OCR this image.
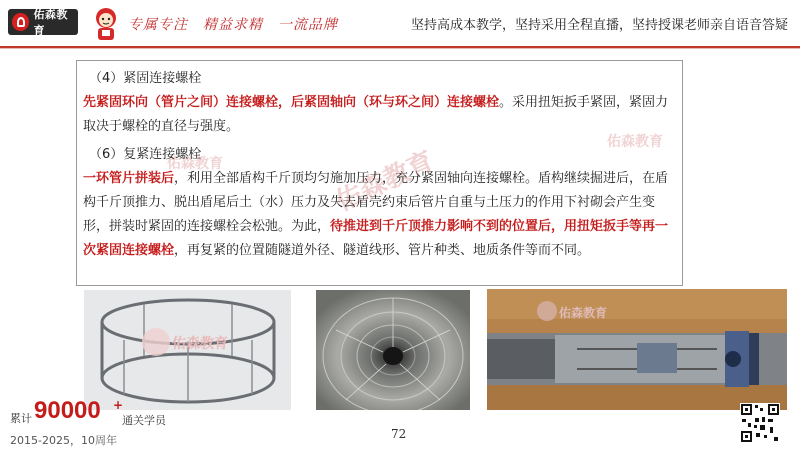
佑森教育	专属专注　精益求精　一流品牌	坚持高成本教学，坚持采用全程直播，坚持授课老师亲自语音答疑
佑森教育	佑森教育
佑森教育

（4）紧固连接螺栓

先紧固环向（管片之间）连接螺栓，后紧固轴向（环与环之间）连接螺栓。采用扭矩扳手紧固，紧固力取决于螺栓的直径与强度。

（6）复紧连接螺栓

一环管片拼装后，利用全部盾构千斤顶均匀施加压力，充分紧固轴向连接螺栓。盾构继续掘进后，在盾构千斤顶推力、脱出盾尾后土（水）压力及失去盾壳约束后管片自重与土压力的作用下衬砌会产生变形，拼装时紧固的连接螺栓会松弛。为此，待推进到千斤顶推力影响不到的位置后，用扭矩扳手等再一次紧固连接螺栓，再复紧的位置随隧道外径、隧道线形、管片种类、地质条件等而不同。

佑森教育
佑森教育
累计 90000 +
通关学员
2015-2025，10周年	72
